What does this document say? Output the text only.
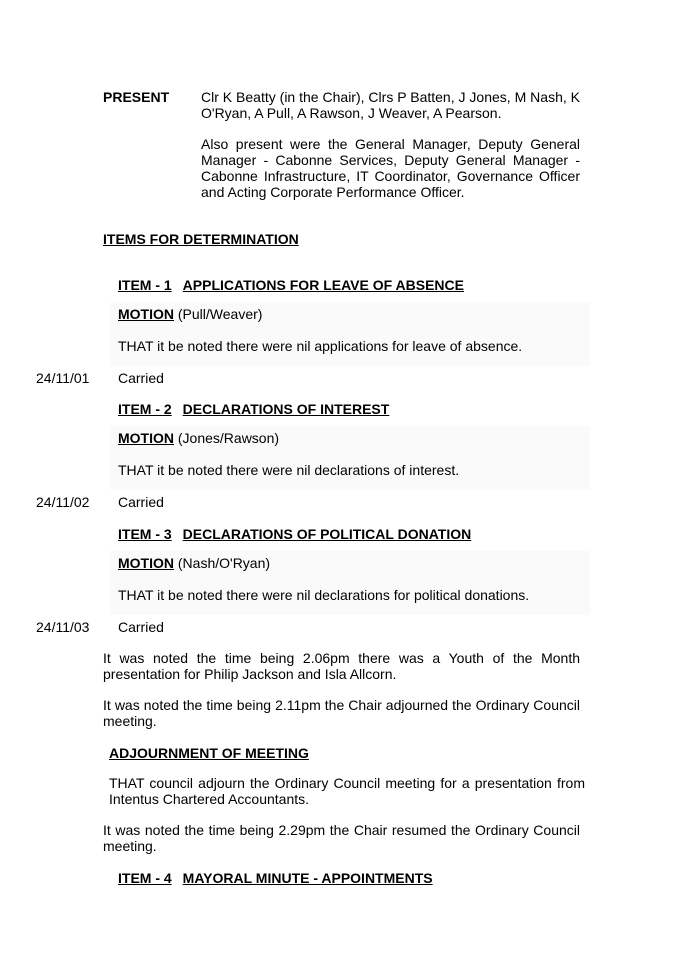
PRESENT Clr K Beatty (in the Chair), Clrs P Batten, J Jones, M Nash, K O'Ryan, A Pull, A Rawson, J Weaver, A Pearson.
Also present were the General Manager, Deputy General Manager - Cabonne Services, Deputy General Manager - Cabonne Infrastructure, IT Coordinator, Governance Officer and Acting Corporate Performance Officer.
ITEMS FOR DETERMINATION
ITEM - 1 APPLICATIONS FOR LEAVE OF ABSENCE
MOTION (Pull/Weaver)
THAT it be noted there were nil applications for leave of absence.
24/11/01 Carried
ITEM - 2 DECLARATIONS OF INTEREST
MOTION (Jones/Rawson)
THAT it be noted there were nil declarations of interest.
24/11/02 Carried
ITEM - 3 DECLARATIONS OF POLITICAL DONATION
MOTION (Nash/O'Ryan)
THAT it be noted there were nil declarations for political donations.
24/11/03 Carried
It was noted the time being 2.06pm there was a Youth of the Month presentation for Philip Jackson and Isla Allcorn.
It was noted the time being 2.11pm the Chair adjourned the Ordinary Council meeting.
ADJOURNMENT OF MEETING
THAT council adjourn the Ordinary Council meeting for a presentation from Intentus Chartered Accountants.
It was noted the time being 2.29pm the Chair resumed the Ordinary Council meeting.
ITEM - 4 MAYORAL MINUTE - APPOINTMENTS
